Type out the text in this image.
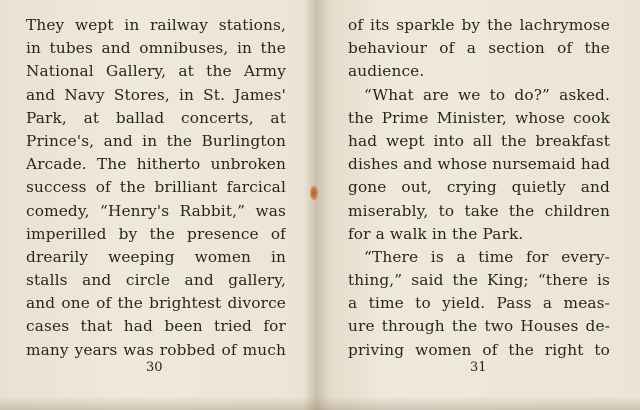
They wept in railway stations,
in tubes and omnibuses, in the
National Gallery, at the Army
and Navy Stores, in St. James'
Park, at ballad concerts, at
Prince's, and in the Burlington
Arcade. The hitherto unbroken
success of the brilliant farcical
comedy, “Henry's Rabbit,” was
imperilled by the presence of
drearily weeping women in
stalls and circle and gallery,
and one of the brightest divorce
cases that had been tried for
many years was robbed of much
30
of its sparkle by the lachrymose
behaviour of a section of the
audience.
“What are we to do?” asked.
the Prime Minister, whose cook
had wept into all the breakfast
dishes and whose nursemaid had
gone out, crying quietly and
miserably, to take the children
for a walk in the Park.
“There is a time for every-
thing,” said the King; “there is
a time to yield. Pass a meas-
ure through the two Houses de-
priving women of the right to
31
